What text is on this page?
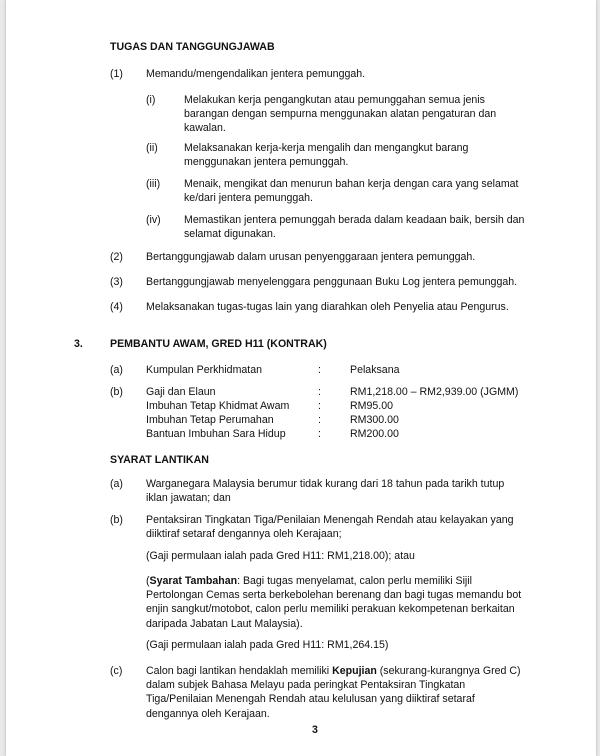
TUGAS DAN TANGGUNGJAWAB
(1) Memandu/mengendalikan jentera pemunggah.
(i)	Melakukan kerja pengangkutan atau pemunggahan semua jenis
barangan dengan sempurna menggunakan alatan pengaturan dan
kawalan.
(ii) Melaksanakan kerja-kerja mengalih dan mengangkut barang
menggunakan jentera pemunggah.
(iii) Menaik, mengikat dan menurun bahan kerja dengan cara yang selamat
ke/dari jentera pemunggah.
(iv) Memastikan jentera pemunggah berada dalam keadaan baik, bersih dan
selamat digunakan.
(2) Bertanggungjawab dalam urusan penyenggaraan jentera pemunggah.
(3) Bertanggungjawab menyelenggara penggunaan Buku Log jentera pemunggah.
(4) Melaksanakan tugas-tugas lain yang diarahkan oleh Penyelia atau Pengurus.
3.	PEMBANTU AWAM, GRED H11 (KONTRAK)
(a) Kumpulan Perkhidmatan	:	Pelaksana
(b) Gaji dan Elaun	:	RM1,218.00 – RM2,939.00 (JGMM)
Imbuhan Tetap Khidmat Awam	:	RM95.00
Imbuhan Tetap Perumahan	:	RM300.00
Bantuan Imbuhan Sara Hidup	:	RM200.00
SYARAT LANTIKAN
(a) Warganegara Malaysia berumur tidak kurang dari 18 tahun pada tarikh tutup
iklan jawatan; dan
(b) Pentaksiran Tingkatan Tiga/Penilaian Menengah Rendah atau kelayakan yang
diiktiraf setaraf dengannya oleh Kerajaan;
(Gaji permulaan ialah pada Gred H11: RM1,218.00); atau
(Syarat Tambahan: Bagi tugas menyelamat, calon perlu memiliki Sijil
Pertolongan Cemas serta berkebolehan berenang dan bagi tugas memandu bot
enjin sangkut/motobot, calon perlu memiliki perakuan kekompetenan berkaitan
daripada Jabatan Laut Malaysia).
(Gaji permulaan ialah pada Gred H11: RM1,264.15)
(c) Calon bagi lantikan hendaklah memiliki Kepujian (sekurang-kurangnya Gred C)
dalam subjek Bahasa Melayu pada peringkat Pentaksiran Tingkatan
Tiga/Penilaian Menengah Rendah atau kelulusan yang diiktiraf setaraf
dengannya oleh Kerajaan.
3
